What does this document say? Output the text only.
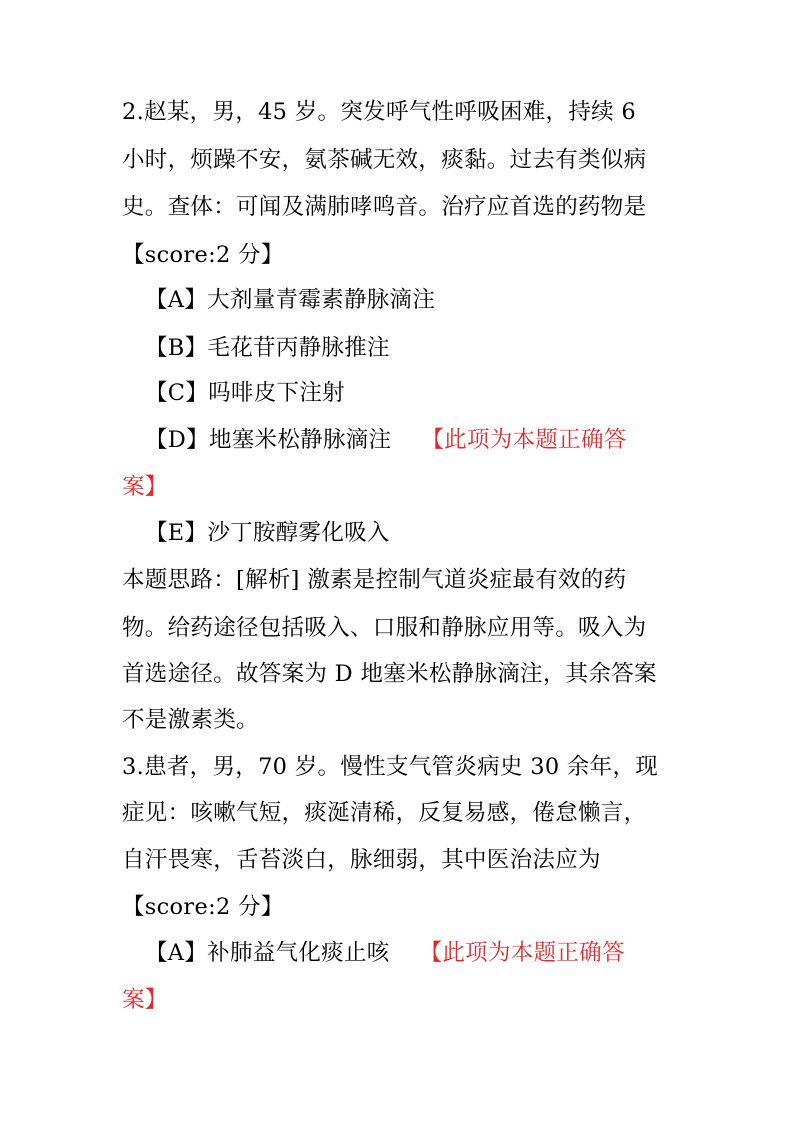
2.赵某，男，45 岁。突发呼气性呼吸困难，持续 6
小时，烦躁不安，氨茶碱无效，痰黏。过去有类似病
史。查体：可闻及满肺哮鸣音。治疗应首选的药物是
【score:2 分】
【A】大剂量青霉素静脉滴注
【B】毛花苷丙静脉推注
【C】吗啡皮下注射
【D】地塞米松静脉滴注 【此项为本题正确答
案】
【E】沙丁胺醇雾化吸入
本题思路：[解析] 激素是控制气道炎症最有效的药
物。给药途径包括吸入、口服和静脉应用等。吸入为
首选途径。故答案为 D 地塞米松静脉滴注，其余答案
不是激素类。
3.患者，男，70 岁。慢性支气管炎病史 30 余年，现
症见：咳嗽气短，痰涎清稀，反复易感，倦怠懒言，
自汗畏寒，舌苔淡白，脉细弱，其中医治法应为
【score:2 分】
【A】补肺益气化痰止咳 【此项为本题正确答
案】
